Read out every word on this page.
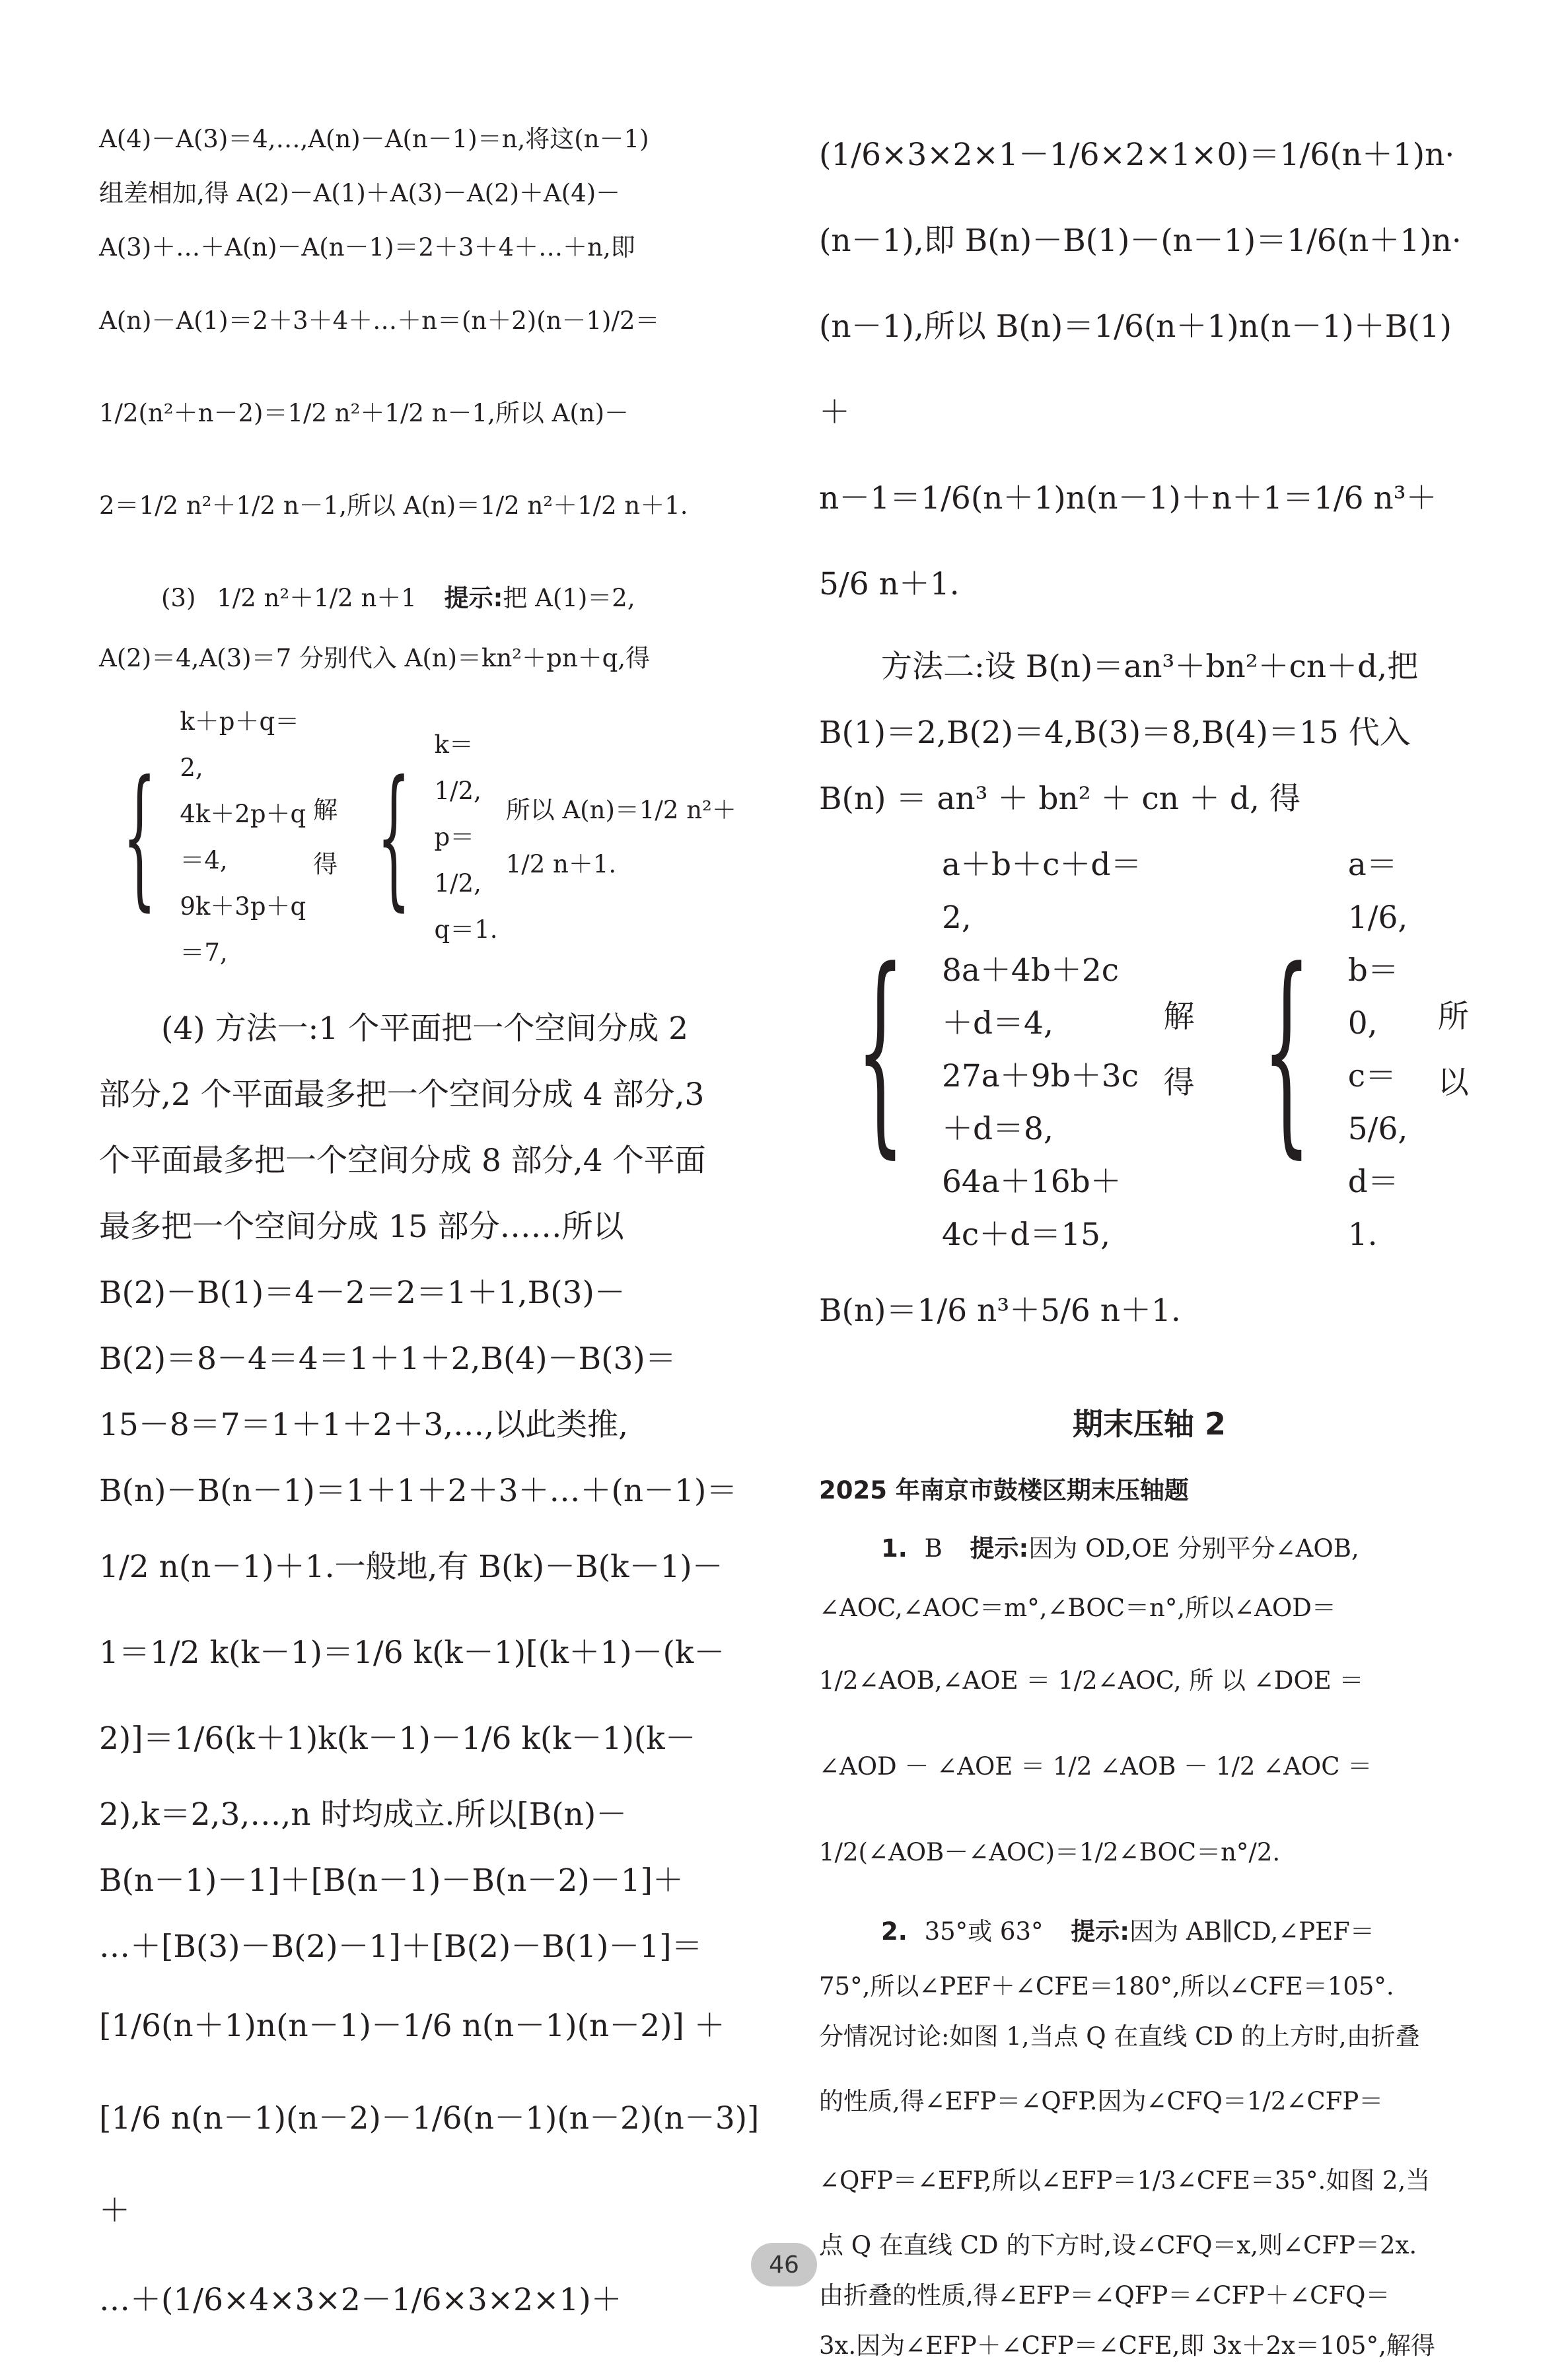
A(4)－A(3)＝4,…,A(n)－A(n－1)＝n,将这(n－1)

组差相加,得 A(2)－A(1)＋A(3)－A(2)＋A(4)－

A(3)＋…＋A(n)－A(n－1)＝2＋3＋4＋…＋n,即

A(n)－A(1)＝2＋3＋4＋…＋n＝(n＋2)(n－1)/2＝

1/2(n²＋n－2)＝1/2 n²＋1/2 n－1,所以 A(n)－

2＝1/2 n²＋1/2 n－1,所以 A(n)＝1/2 n²＋1/2 n＋1.

(3) 1/2 n²＋1/2 n＋1 提示:把 A(1)＝2,

A(2)＝4,A(3)＝7 分别代入 A(n)＝kn²＋pn＋q,得

{

k＋p＋q＝2,

4k＋2p＋q＝4,

9k＋3p＋q＝7,

解得 {

k＝1/2,

p＝1/2,

q＝1.

所以 A(n)＝1/2 n²＋1/2 n＋1.

(4) 方法一:1 个平面把一个空间分成 2

部分,2 个平面最多把一个空间分成 4 部分,3

个平面最多把一个空间分成 8 部分,4 个平面

最多把一个空间分成 15 部分……所以

B(2)－B(1)＝4－2＝2＝1＋1,B(3)－

B(2)＝8－4＝4＝1＋1＋2,B(4)－B(3)＝

15－8＝7＝1＋1＋2＋3,…,以此类推,

B(n)－B(n－1)＝1＋1＋2＋3＋…＋(n－1)＝

1/2 n(n－1)＋1.一般地,有 B(k)－B(k－1)－

1＝1/2 k(k－1)＝1/6 k(k－1)[(k＋1)－(k－

2)]＝1/6(k＋1)k(k－1)－1/6 k(k－1)(k－

2),k＝2,3,…,n 时均成立.所以[B(n)－

B(n－1)－1]＋[B(n－1)－B(n－2)－1]＋

…＋[B(3)－B(2)－1]＋[B(2)－B(1)－1]＝

[1/6(n＋1)n(n－1)－1/6 n(n－1)(n－2)] ＋

[1/6 n(n－1)(n－2)－1/6(n－1)(n－2)(n－3)]＋

…＋(1/6×4×3×2－1/6×3×2×1)＋

(1/6×3×2×1－1/6×2×1×0)＝1/6(n＋1)n·

(n－1),即 B(n)－B(1)－(n－1)＝1/6(n＋1)n·

(n－1),所以 B(n)＝1/6(n＋1)n(n－1)＋B(1)＋

n－1＝1/6(n＋1)n(n－1)＋n＋1＝1/6 n³＋5/6 n＋1.

方法二:设 B(n)＝an³＋bn²＋cn＋d,把

B(1)＝2,B(2)＝4,B(3)＝8,B(4)＝15 代入

B(n) ＝ an³ ＋ bn² ＋ cn ＋ d, 得

{

a＋b＋c＋d＝2,

8a＋4b＋2c＋d＝4,

27a＋9b＋3c＋d＝8,

64a＋16b＋4c＋d＝15,

解 得 {

a＝1/6,

b＝0,

c＝5/6,

d＝1.

所 以

B(n)＝1/6 n³＋5/6 n＋1.

期末压轴 2
2025 年南京市鼓楼区期末压轴题

1. B 提示:因为 OD,OE 分别平分∠AOB,

∠AOC,∠AOC＝m°,∠BOC＝n°,所以∠AOD＝

1/2∠AOB,∠AOE ＝ 1/2∠AOC, 所 以 ∠DOE ＝

∠AOD － ∠AOE ＝ 1/2 ∠AOB － 1/2 ∠AOC ＝

1/2(∠AOB－∠AOC)＝1/2∠BOC＝n°/2.

2. 35°或 63° 提示:因为 AB∥CD,∠PEF＝

75°,所以∠PEF＋∠CFE＝180°,所以∠CFE＝105°.

分情况讨论:如图 1,当点 Q 在直线 CD 的上方时,由折叠

的性质,得∠EFP＝∠QFP.因为∠CFQ＝1/2∠CFP＝

∠QFP＝∠EFP,所以∠EFP＝1/3∠CFE＝35°.如图 2,当

点 Q 在直线 CD 的下方时,设∠CFQ＝x,则∠CFP＝2x.

由折叠的性质,得∠EFP＝∠QFP＝∠CFP＋∠CFQ＝

3x.因为∠EFP＋∠CFP＝∠CFE,即 3x＋2x＝105°,解得

46
